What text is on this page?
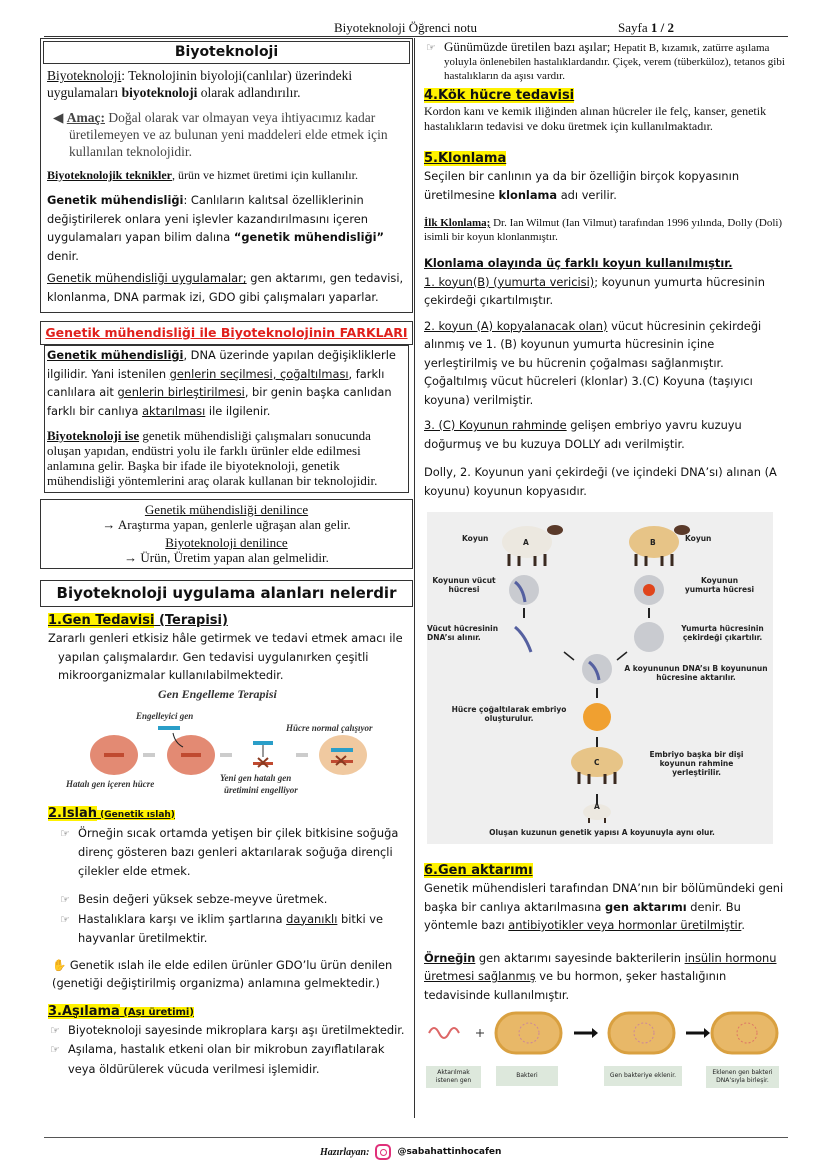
Biyoteknoloji Öğrenci notu	Sayfa 1 / 2
Biyoteknoloji
Biyoteknoloji: Teknolojinin biyoloji(canlılar) üzerindeki uygulamaları biyoteknoloji olarak adlandırılır.
◀ Amaç: Doğal olarak var olmayan veya ihtiyacımız kadar üretilemeyen ve az bulunan yeni maddeleri elde etmek için kullanılan teknolojidir.
Biyoteknolojik teknikler, ürün ve hizmet üretimi için kullanılır.
Genetik mühendisliği: Canlıların kalıtsal özelliklerinin değiştirilerek onlara yeni işlevler kazandırılmasını içeren uygulamaları yapan bilim dalına “genetik mühendisliği” denir.
Genetik mühendisliği uygulamalar; gen aktarımı, gen tedavisi, klonlanma, DNA parmak izi, GDO gibi çalışmaları yaparlar.
Genetik mühendisliği ile Biyoteknolojinin FARKLARI
Genetik mühendisliği, DNA üzerinde yapılan değişikliklerle ilgilidir. Yani istenilen genlerin seçilmesi, çoğaltılması, farklı canlılara ait genlerin birleştirilmesi, bir genin başka canlıdan farklı bir canlıya aktarılması ile ilgilenir.
Biyoteknoloji ise genetik mühendisliği çalışmaları sonucunda oluşan yapıdan, endüstri yolu ile farklı ürünler elde edilmesi anlamına gelir. Başka bir ifade ile biyoteknoloji, genetik mühendisliği yöntemlerini araç olarak kullanan bir teknolojidir.
Genetik mühendisliği denilince
→ Araştırma yapan, genlerle uğraşan alan gelir.
Biyoteknoloji denilince
→ Ürün, Üretim yapan alan gelmelidir.
Biyoteknoloji uygulama alanları nelerdir
1.Gen Tedavisi (Terapisi)
Zararlı genleri etkisiz hâle getirmek ve tedavi etmek amacı ile yapılan çalışmalardır. Gen tedavisi uygulanırken çeşitli mikroorganizmalar kullanılabilmektedir.
Gen Engelleme Terapisi
Engelleyici gen
Hücre normal çalışıyor
Hatalı gen içeren hücre
Yeni gen hatalı gen
üretimini engelliyor
2.Islah (Genetik ıslah)
☞ Örneğin sıcak ortamda yetişen bir çilek bitkisine soğuğa direnç gösteren bazı genleri aktarılarak soğuğa dirençli çilekler elde etmek.
☞ Besin değeri yüksek sebze-meyve üretmek.
☞ Hastalıklara karşı ve iklim şartlarına dayanıklı bitki ve hayvanlar üretilmektir.
✋ Genetik ıslah ile elde edilen ürünler GDO’lu ürün denilen (genetiği değiştirilmiş organizma) anlamına gelmektedir.)
3.Aşılama (Aşı üretimi)
☞ Biyoteknoloji sayesinde mikroplara karşı aşı üretilmektedir.
☞ Aşılama, hastalık etkeni olan bir mikrobun zayıflatılarak veya öldürülerek vücuda verilmesi işlemidir.
☞ Günümüzde üretilen bazı aşılar; Hepatit B, kızamık, zatürre aşılama yoluyla önlenebilen hastalıklardandır. Çiçek, verem (tüberküloz), tetanos gibi hastalıkların da aşısı vardır.
4.Kök hücre tedavisi
Kordon kanı ve kemik iliğinden alınan hücreler ile felç, kanser, genetik hastalıkların tedavisi ve doku üretmek için kullanılmaktadır.
5.Klonlama
Seçilen bir canlının ya da bir özelliğin birçok kopyasının üretilmesine klonlama adı verilir.
İlk Klonlama; Dr. Ian Wilmut (Ian Vilmut) tarafından 1996 yılında, Dolly (Doli) isimli bir koyun klonlanmıştır.
Klonlama olayında üç farklı koyun kullanılmıştır.
1. koyun(B) (yumurta vericisi); koyunun yumurta hücresinin çekirdeği çıkartılmıştır.
2. koyun (A) kopyalanacak olan) vücut hücresinin çekirdeği alınmış ve 1. (B) koyunun yumurta hücresinin içine yerleştirilmiş ve bu hücrenin çoğalması sağlanmıştır. Çoğaltılmış vücut hücreleri (klonlar) 3.(C) Koyuna (taşıyıcı koyuna) verilmiştir.
3. (C) Koyunun rahminde gelişen embriyo yavru kuzuyu doğurmuş ve bu kuzuya DOLLY adı verilmiştir.
Dolly, 2. Koyunun yani çekirdeği (ve içindeki DNA’sı) alınan (A koyunu) koyunun kopyasıdır.
Koyun	A	B	Koyun
Koyunun vücut hücresi
Koyunun yumurta hücresi
Vücut hücresinin DNA’sı alınır.
Yumurta hücresinin çekirdeği çıkartılır.
A koyununun DNA’sı B koyununun hücresine aktarılır.
Hücre çoğaltılarak embriyo oluşturulur.
C
Embriyo başka bir dişi koyunun rahmine yerleştirilir.
A
Oluşan kuzunun genetik yapısı A koyunuyla aynı olur.
6.Gen aktarımı
Genetik mühendisleri tarafından DNA’nın bir bölümündeki geni başka bir canlıya aktarılmasına gen aktarımı denir. Bu yöntemle bazı antibiyotikler veya hormonlar üretilmiştir.
Örneğin gen aktarımı sayesinde bakterilerin insülin hormonu üretmesi sağlanmış ve bu hormon, şeker hastalığının tedavisinde kullanılmıştır.
Aktarılmak istenen gen
Bakteri	Gen bakteriye eklenir.	Eklenen gen bakteri DNA’sıyla birleşir.
Hazırlayan:	@sabahattinhocafen
